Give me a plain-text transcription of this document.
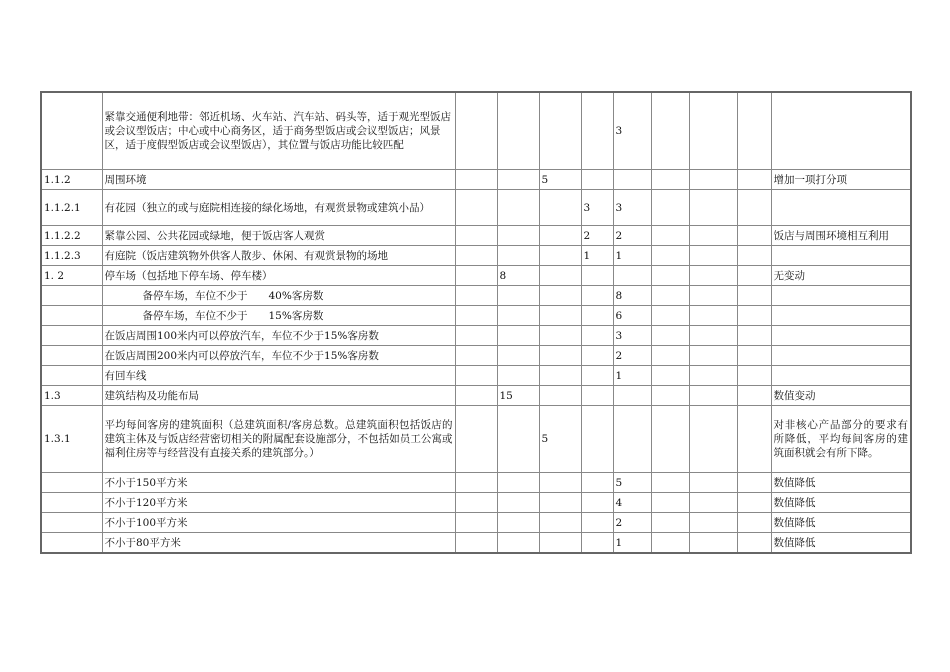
	紧靠交通便利地带：邻近机场、火车站、汽车站、码头等，适于观光型饭店或会议型饭店；中心或中心商务区，适于商务型饭店或会议型饭店；风景区，适于度假型饭店或会议型饭店），其位置与饭店功能比较匹配					3				
1.1.2	周围环境			5						增加一项打分项
1.1.2.1	有花园（独立的或与庭院相连接的绿化场地，有观赏景物或建筑小品）				3	3				
1.1.2.2	紧靠公园、公共花园或绿地，便于饭店客人观赏				2	2				饭店与周围环境相互利用
1.1.2.3	有庭院（饭店建筑物外供客人散步、休闲、有观赏景物的场地				1	1				
1. 2	停车场（包括地下停车场、停车楼）		8							无变动
	备停车场，车位不少于　　40%客房数					8				
	备停车场，车位不少于　　15%客房数					6				
	在饭店周围100米内可以停放汽车，车位不少于15%客房数					3				
	在饭店周围200米内可以停放汽车，车位不少于15%客房数					2				
	有回车线					1				
1.3	建筑结构及功能布局		15							数值变动
1.3.1	平均每间客房的建筑面积（总建筑面积/客房总数。总建筑面积包括饭店的建筑主体及与饭店经营密切相关的附属配套设施部分，不包括如员工公寓或福利住房等与经营没有直接关系的建筑部分。）			5						对非核心产品部分的要求有所降低，平均每间客房的建筑面积就会有所下降。
	不小于150平方米					5				数值降低
	不小于120平方米					4				数值降低
	不小于100平方米					2				数值降低
	不小于80平方米					1				数值降低
